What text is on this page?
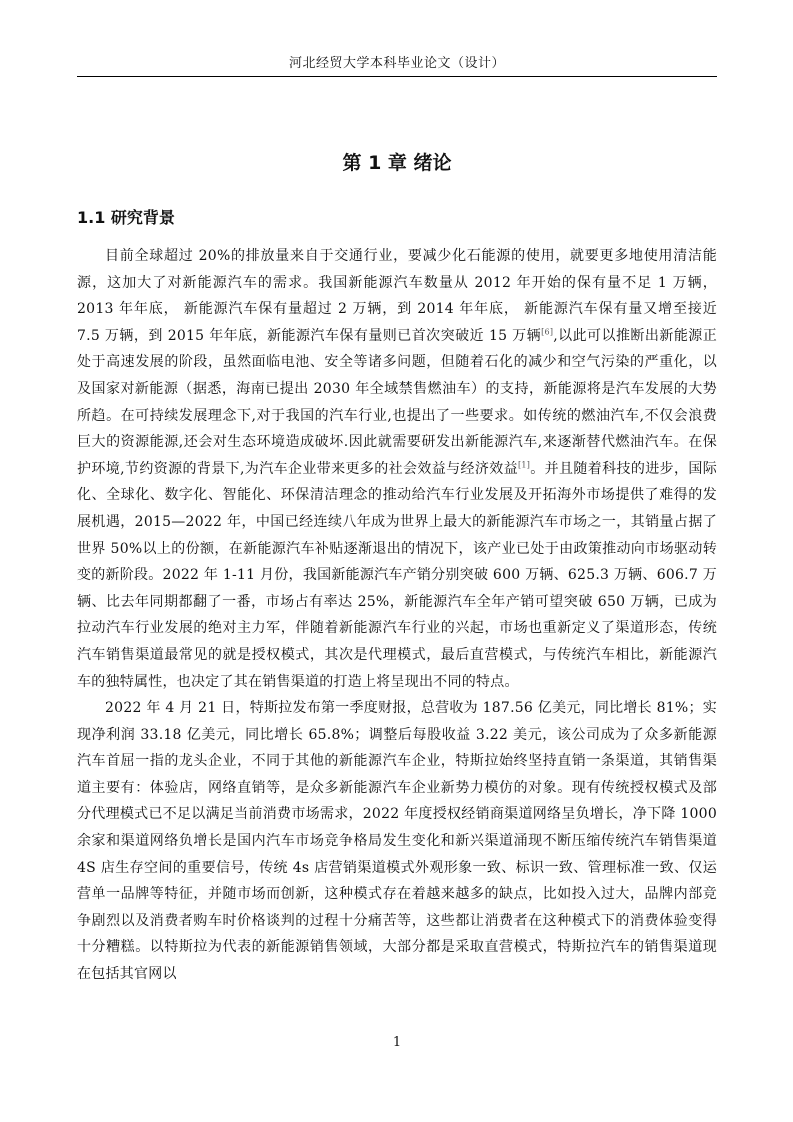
河北经贸大学本科毕业论文（设计）
第 1 章 绪论
1.1 研究背景

目前全球超过 20%的排放量来自于交通行业，要减少化石能源的使用，就要更多地使用清洁能源，这加大了对新能源汽车的需求。我国新能源汽车数量从 2012 年开始的保有量不足 1 万辆，2013 年年底， 新能源汽车保有量超过 2 万辆，到 2014 年年底， 新能源汽车保有量又增至接近 7.5 万辆，到 2015 年年底，新能源汽车保有量则已首次突破近 15 万辆[6],以此可以推断出新能源正处于高速发展的阶段，虽然面临电池、安全等诸多问题，但随着石化的减少和空气污染的严重化，以及国家对新能源（据悉，海南已提出 2030 年全域禁售燃油车）的支持，新能源将是汽车发展的大势所趋。在可持续发展理念下,对于我国的汽车行业,也提出了一些要求。如传统的燃油汽车,不仅会浪费巨大的资源能源,还会对生态环境造成破坏.因此就需要研发出新能源汽车,来逐渐替代燃油汽车。在保护环境,节约资源的背景下,为汽车企业带来更多的社会效益与经济效益[1]。并且随着科技的进步，国际化、全球化、数字化、智能化、环保清洁理念的推动给汽车行业发展及开拓海外市场提供了难得的发展机遇，2015—2022 年，中国已经连续八年成为世界上最大的新能源汽车市场之一，其销量占据了世界 50%以上的份额，在新能源汽车补贴逐渐退出的情况下，该产业已处于由政策推动向市场驱动转变的新阶段。2022 年 1-11 月份，我国新能源汽车产销分别突破 600 万辆、625.3 万辆、606.7 万辆、比去年同期都翻了一番，市场占有率达 25%，新能源汽车全年产销可望突破 650 万辆，已成为拉动汽车行业发展的绝对主力军，伴随着新能源汽车行业的兴起，市场也重新定义了渠道形态，传统汽车销售渠道最常见的就是授权模式，其次是代理模式，最后直营模式，与传统汽车相比，新能源汽车的独特属性，也决定了其在销售渠道的打造上将呈现出不同的特点。

2022 年 4 月 21 日，特斯拉发布第一季度财报，总营收为 187.56 亿美元，同比增长 81%；实现净利润 33.18 亿美元，同比增长 65.8%；调整后每股收益 3.22 美元，该公司成为了众多新能源汽车首屈一指的龙头企业，不同于其他的新能源汽车企业，特斯拉始终坚持直销一条渠道，其销售渠道主要有：体验店，网络直销等，是众多新能源汽车企业新势力模仿的对象。现有传统授权模式及部分代理模式已不足以满足当前消费市场需求，2022 年度授权经销商渠道网络呈负增长，净下降 1000 余家和渠道网络负增长是国内汽车市场竞争格局发生变化和新兴渠道涌现不断压缩传统汽车销售渠道 4S 店生存空间的重要信号，传统 4s 店营销渠道模式外观形象一致、标识一致、管理标准一致、仅运营单一品牌等特征，并随市场而创新，这种模式存在着越来越多的缺点，比如投入过大，品牌内部竞争剧烈以及消费者购车时价格谈判的过程十分痛苦等，这些都让消费者在这种模式下的消费体验变得十分糟糕。以特斯拉为代表的新能源销售领域，大部分都是采取直营模式，特斯拉汽车的销售渠道现在包括其官网以

1
